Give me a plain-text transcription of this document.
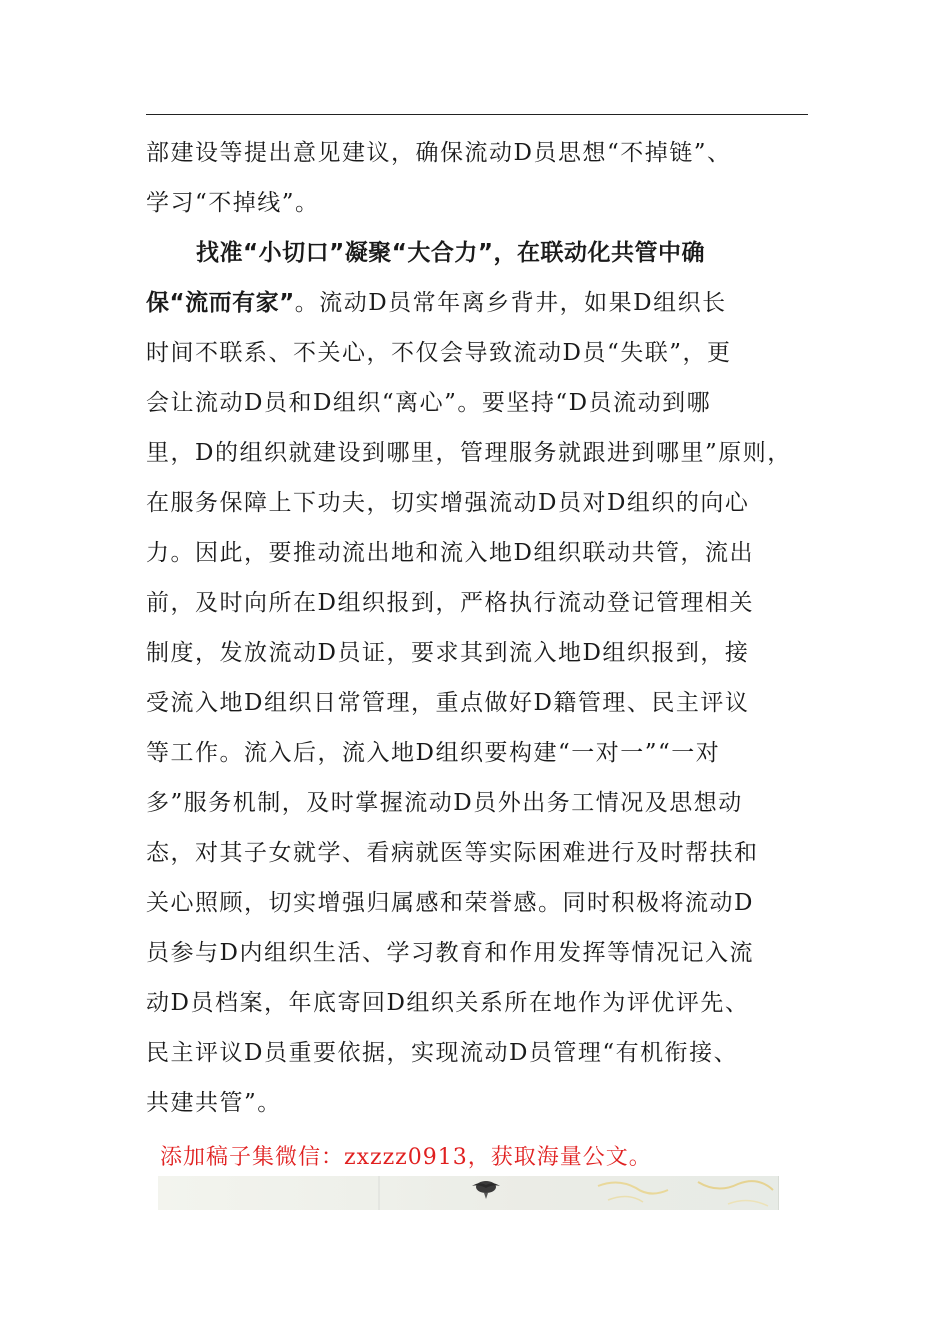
部建设等提出意见建议，确保流动D员思想“不掉链”、
学习“不掉线”。
找准“小切口”凝聚“大合力”，在联动化共管中确
保“流而有家”。流动D员常年离乡背井，如果D组织长
时间不联系、不关心，不仅会导致流动D员“失联”，更
会让流动D员和D组织“离心”。要坚持“D员流动到哪
里，D的组织就建设到哪里，管理服务就跟进到哪里”原则，
在服务保障上下功夫，切实增强流动D员对D组织的向心
力。因此，要推动流出地和流入地D组织联动共管，流出
前，及时向所在D组织报到，严格执行流动登记管理相关
制度，发放流动D员证，要求其到流入地D组织报到，接
受流入地D组织日常管理，重点做好D籍管理、民主评议
等工作。流入后，流入地D组织要构建“一对一”“一对
多”服务机制，及时掌握流动D员外出务工情况及思想动
态，对其子女就学、看病就医等实际困难进行及时帮扶和
关心照顾，切实增强归属感和荣誉感。同时积极将流动D
员参与D内组织生活、学习教育和作用发挥等情况记入流
动D员档案，年底寄回D组织关系所在地作为评优评先、
民主评议D员重要依据，实现流动D员管理“有机衔接、
共建共管”。
添加稿子集微信：zxzzz0913，获取海量公文。
